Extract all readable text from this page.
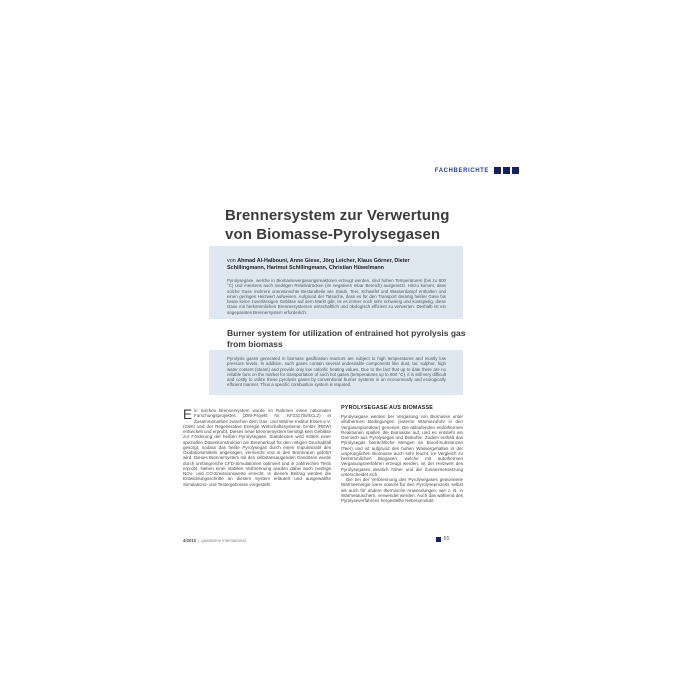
FACHBERICHTE
Brennersystem zur Verwertung von Biomasse-Pyrolysegasen

von Ahmad Al-Halbouni, Anne Giese, Jörg Leicher, Klaus Görner, Dieter Schillingmann, Hartmut Schillingmann, Christian Hüwelmann

Pyrolysegase, welche in Biomassevergasungsreaktoren erzeugt werden, sind hohen Temperaturen (bis zu 800 °C) und meistens auch niedrigen Relativdrücken (im negativen mbar Bereich) ausgesetzt. Hinzu kommt, dass solche Gase mehrere unerwünschte Bestandteile wie Staub, Teer, Schwefel und Wasserdampf enthalten und einen geringen Heizwert aufweisen. Aufgrund der Tatsache, dass es für den Transport derartig heißer Gase bis heute keine zuverlässigen Gebläse auf dem Markt gibt, ist es immer noch sehr schwierig und kostspielig, diese Gase mit herkömmlichen Brennersystemen wirtschaftlich und ökologisch effizient zu verwerten. Deshalb ist ein angepasstes Brennersystem erforderlich.

Burner system for utilization of entrained hot pyrolysis gas from biomass

Pyrolysis gases generated in biomass gasification reactors are subject to high temperatures and mostly low pressure levels. In addition, such gases contain several undesirable components like dust, tar, sulphur, high water content (steam) and provide only low calorific heating values. Due to the fact that up to date there are no reliable fans on the market for transportation of such hot gases (temperatures up to 800 °C), it is still very difficult and costly to utilize these pyrolysis gases by conventional burner systems in an economically and ecologically efficient manner. Thus a specific combustion system is required.

Ein solches Brennersystem wurde im Rahmen eines nationalen Forschungsprojektes (ZIM-Projekt Nr. KF2317/5/SCL2) in Zusammenarbeit zwischen dem Gas- und Wärme-Institut Essen e.V. (GWI) und der Regenerative Energie Wirtschaftssysteme GmbH (REW) entwickelt und erprobt. Dieses neue Brennersystem benötigt kein Gebläse zur Förderung der heißen Pyrolysegase. Stattdessen wird mittels einer speziellen Düsenkonstruktion am Brennerkopf für den nötigen Druckabfall gesorgt, sodass das heiße Pyrolysegas durch einen Impulsstrahl des Oxidationsmittels angesogen, vermischt und in den Brennraum geführt wird. Dieses Brennersystem mit den selbstansaugenden Gasdüsen wurde durch umfangreiche CFD-Simulationen optimiert und in zahlreichen Tests erprobt. Neben einer stabilen Verbrennung wurden dabei auch niedrige NOx- und CO-Emissionswerte erreicht. In diesem Beitrag werden die Entwicklungsschritte an diesem System erläutert und ausgewählte Simulations- und Testergebnisse vorgestellt.

PYROLYSEGASE AUS BIOMASSE

Pyrolysegase werden bei Vergasung von Biomasse unter allothermen Bedingungen (externe Wärmezufuhr in den Vergasungsreaktor) generiert. Die ablaufenden endothermen Reaktionen spalten die Biomasse auf, und es entsteht ein Gemisch aus Pyrolysegas und Biokohle. Zudem enthält das Pyrolysegas beträchtliche Mengen an Biooil-Substanzen (Teer) und ist aufgrund des hohen Wassergehaltes in der ursprünglichen Biomasse auch sehr feucht. Im Vergleich zu herkömmlichen Biogasen, welche mit autothermen Vergasungsverfahren erzeugt werden, ist der Heizwert des Pyrolysegases deutlich höher und die Zusammensetzung unterscheidet sich.

Die bei der Verbrennung des Pyrolysegases gewonnene Wärmeenergie kann sowohl für den Pyrolyseprozess selbst als auch für andere thermische Anwendungen, wie z. B. in Wärmetauschern, verwendet werden. Auch das während des Pyrolyseverfahrens hergestellte Nebenprodukt

4/2010 | gaswärme international	65
